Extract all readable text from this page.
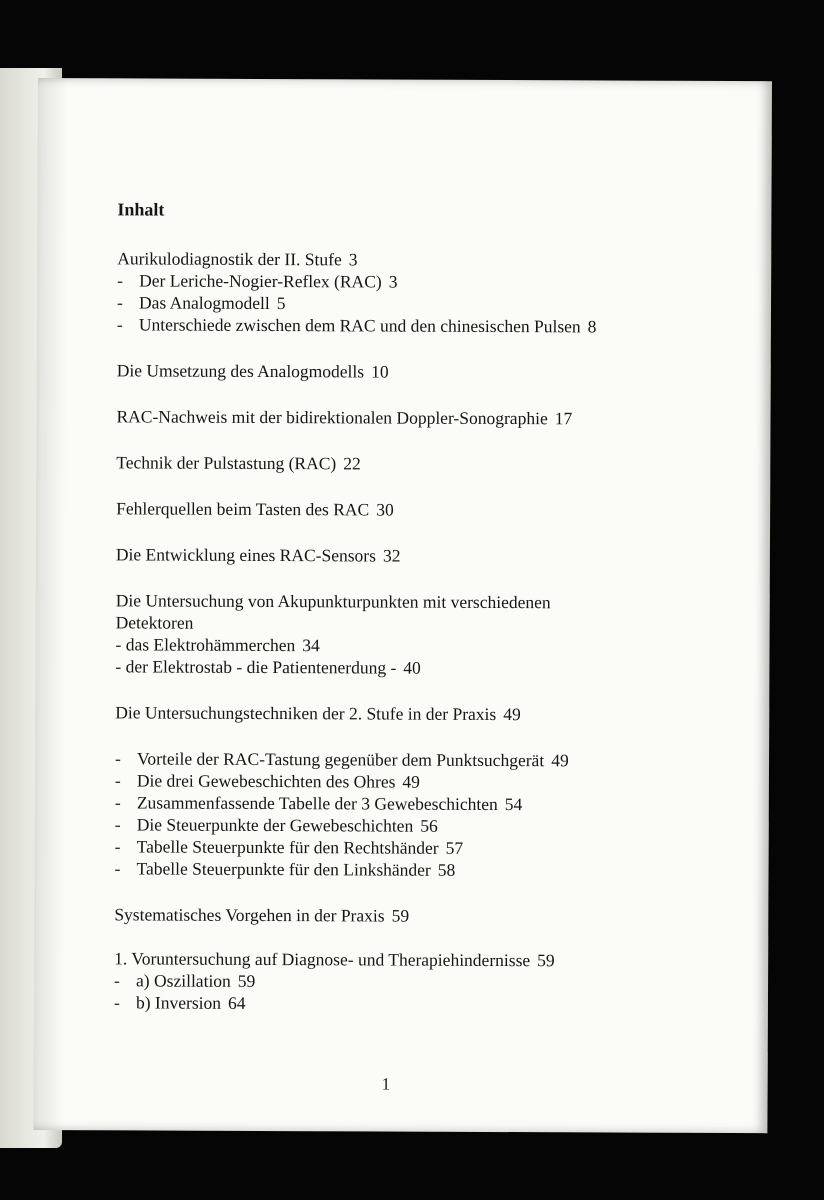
Inhalt
Aurikulodiagnostik der II. Stufe 3
- Der Leriche-Nogier-Reflex (RAC) 3
- Das Analogmodell 5
- Unterschiede zwischen dem RAC und den chinesischen Pulsen 8
Die Umsetzung des Analogmodells 10
RAC-Nachweis mit der bidirektionalen Doppler-Sonographie 17
Technik der Pulstastung (RAC) 22
Fehlerquellen beim Tasten des RAC 30
Die Entwicklung eines RAC-Sensors 32
Die Untersuchung von Akupunkturpunkten mit verschiedenen
Detektoren
- das Elektrohämmerchen 34
- der Elektrostab - die Patientenerdung - 40
Die Untersuchungstechniken der 2. Stufe in der Praxis 49
- Vorteile der RAC-Tastung gegenüber dem Punktsuchgerät 49
- Die drei Gewebeschichten des Ohres 49
- Zusammenfassende Tabelle der 3 Gewebeschichten 54
- Die Steuerpunkte der Gewebeschichten 56
- Tabelle Steuerpunkte für den Rechtshänder 57
- Tabelle Steuerpunkte für den Linkshänder 58
Systematisches Vorgehen in der Praxis 59
1. Voruntersuchung auf Diagnose- und Therapiehindernisse 59
- a) Oszillation 59
- b) Inversion 64
1
